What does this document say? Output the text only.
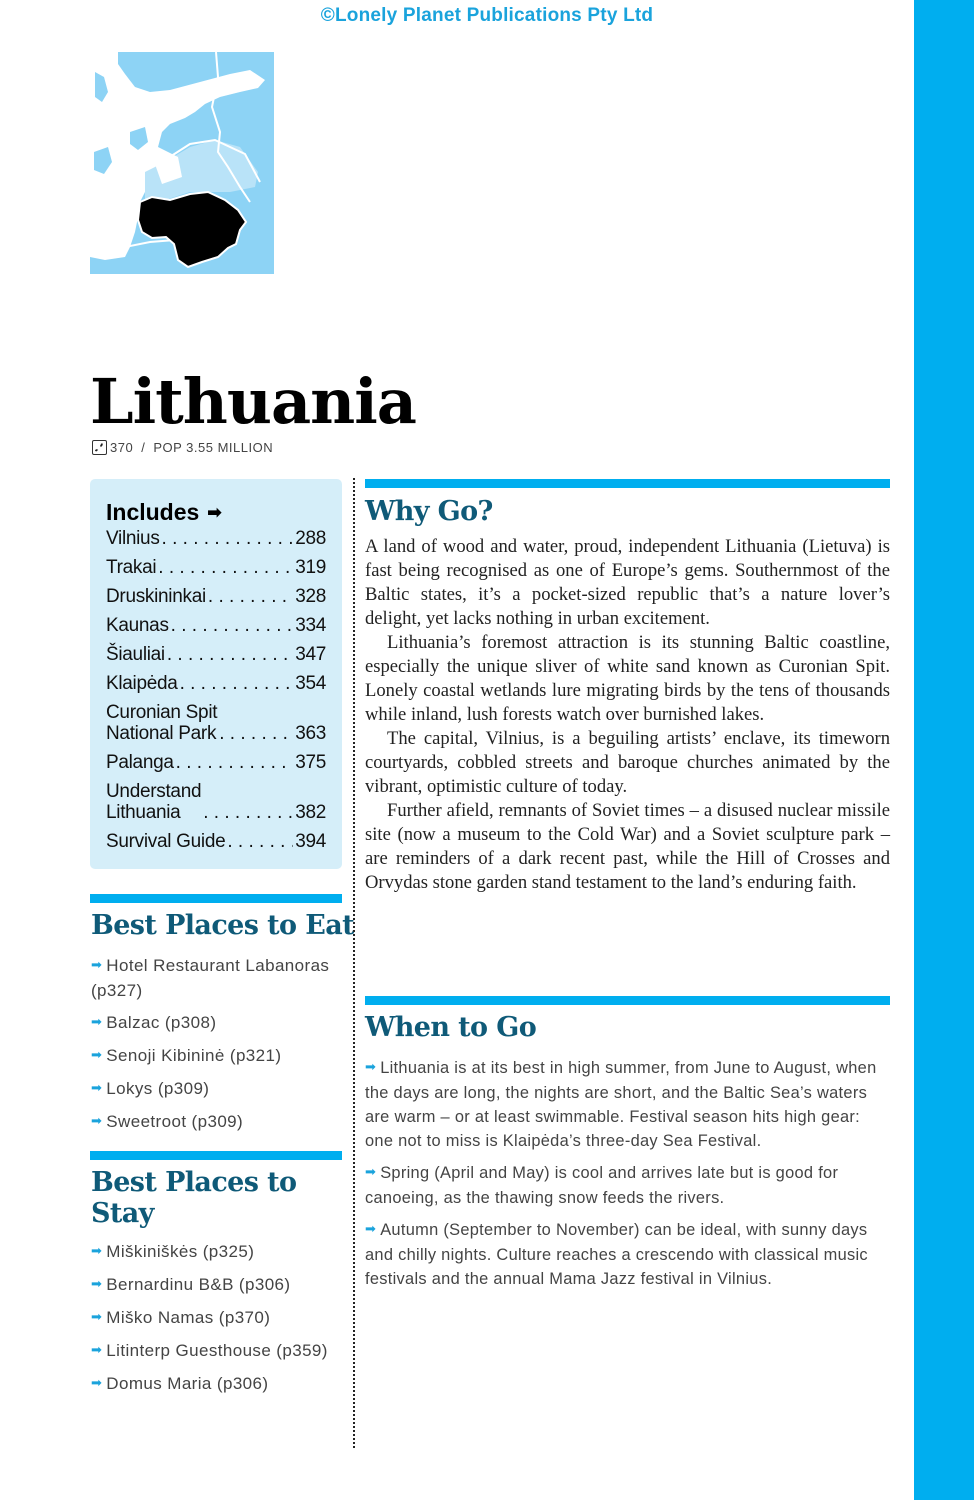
©Lonely Planet Publications Pty Ltd
Lithuania
370 / POP 3.55 MILLION
Includes ➡
Vilnius . . .	288
Trakai . . .	319
Druskininkai . . .	328
Kaunas . . .	334
Šiauliai . . .	347
Klaipėda . . .	354
Curonian Spit
National Park . . .	363
Palanga . . .	375
Understand
Lithuania . . .	382
Survival Guide . . .	394
Best Places to Eat
➡ Hotel Restaurant Labanoras (p327)
➡ Balzac (p308)
➡ Senoji Kibininė (p321)
➡ Lokys (p309)
➡ Sweetroot (p309)
Best Places to Stay
➡ Miškiniškės (p325)
➡ Bernardinu B&B (p306)
➡ Miško Namas (p370)
➡ Litinterp Guesthouse (p359)
➡ Domus Maria (p306)
Why Go?

A land of wood and water, proud, independent Lithuania (Lietuva) is fast being recognised as one of Europe’s gems. Southernmost of the Baltic states, it’s a pocket-sized republic that’s a nature lover’s delight, yet lacks nothing in urban excitement.

Lithuania’s foremost attraction is its stunning Baltic coastline, especially the unique sliver of white sand known as Curonian Spit. Lonely coastal wetlands lure migrating birds by the tens of thousands while inland, lush forests watch over burnished lakes.

The capital, Vilnius, is a beguiling artists’ enclave, its timeworn courtyards, cobbled streets and baroque churches animated by the vibrant, optimistic culture of today.

Further afield, remnants of Soviet times – a disused nuclear missile site (now a museum to the Cold War) and a Soviet sculpture park – are reminders of a dark recent past, while the Hill of Crosses and Orvydas stone garden stand testament to the land’s enduring faith.

When to Go

➡ Lithuania is at its best in high summer, from June to August, when the days are long, the nights are short, and the Baltic Sea’s waters are warm – or at least swimmable. Festival season hits high gear: one not to miss is Klaipėda’s three-day Sea Festival.

➡ Spring (April and May) is cool and arrives late but is good for canoeing, as the thawing snow feeds the rivers.

➡ Autumn (September to November) can be ideal, with sunny days and chilly nights. Culture reaches a crescendo with classical music festivals and the annual Mama Jazz festival in Vilnius.
